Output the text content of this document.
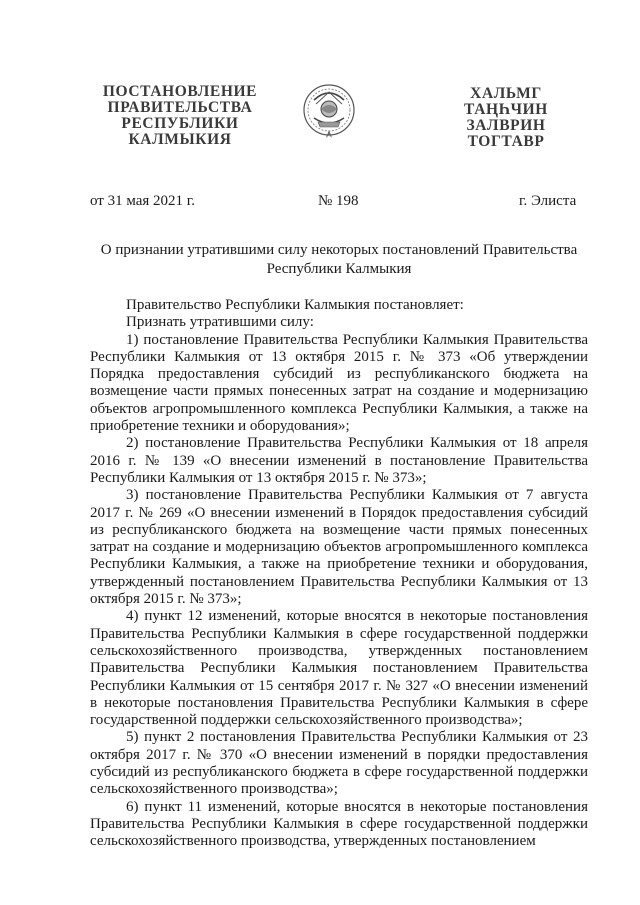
ПОСТАНОВЛЕНИЕ
ПРАВИТЕЛЬСТВА
РЕСПУБЛИКИ
КАЛМЫКИЯ
ХАЛЬМГ
ТАҢҺЧИН
ЗАЛВРИН
ТОГТАВР
от 31 мая 2021 г.	№ 198	г. Элиста
О признании утратившими силу некоторых постановлений Правительства Республики Калмыкия

Правительство Республики Калмыкия постановляет:

Признать утратившими силу:

1) постановление Правительства Республики Калмыкия Правительства Республики Калмыкия от 13 октября 2015 г. № 373 «Об утверждении Порядка предоставления субсидий из республиканского бюджета на возмещение части прямых понесенных затрат на создание и модернизацию объектов агропромышленного комплекса Республики Калмыкия, а также на приобретение техники и оборудования»;

2) постановление Правительства Республики Калмыкия от 18 апреля 2016 г. № 139 «О внесении изменений в постановление Правительства Республики Калмыкия от 13 октября 2015 г. № 373»;

3) постановление Правительства Республики Калмыкия от 7 августа 2017 г. № 269 «О внесении изменений в Порядок предоставления субсидий из республиканского бюджета на возмещение части прямых понесенных затрат на создание и модернизацию объектов агропромышленного комплекса Республики Калмыкия, а также на приобретение техники и оборудования, утвержденный постановлением Правительства Республики Калмыкия от 13 октября 2015 г. № 373»;

4) пункт 12 изменений, которые вносятся в некоторые постановления Правительства Республики Калмыкия в сфере государственной поддержки сельскохозяйственного производства, утвержденных постановлением Правительства Республики Калмыкия постановлением Правительства Республики Калмыкия от 15 сентября 2017 г. № 327 «О внесении изменений в некоторые постановления Правительства Республики Калмыкия в сфере государственной поддержки сельскохозяйственного производства»;

5) пункт 2 постановления Правительства Республики Калмыкия от 23 октября 2017 г. № 370 «О внесении изменений в порядки предоставления субсидий из республиканского бюджета в сфере государственной поддержки сельскохозяйственного производства»;

6) пункт 11 изменений, которые вносятся в некоторые постановления Правительства Республики Калмыкия в сфере государственной поддержки сельскохозяйственного производства, утвержденных постановлением
